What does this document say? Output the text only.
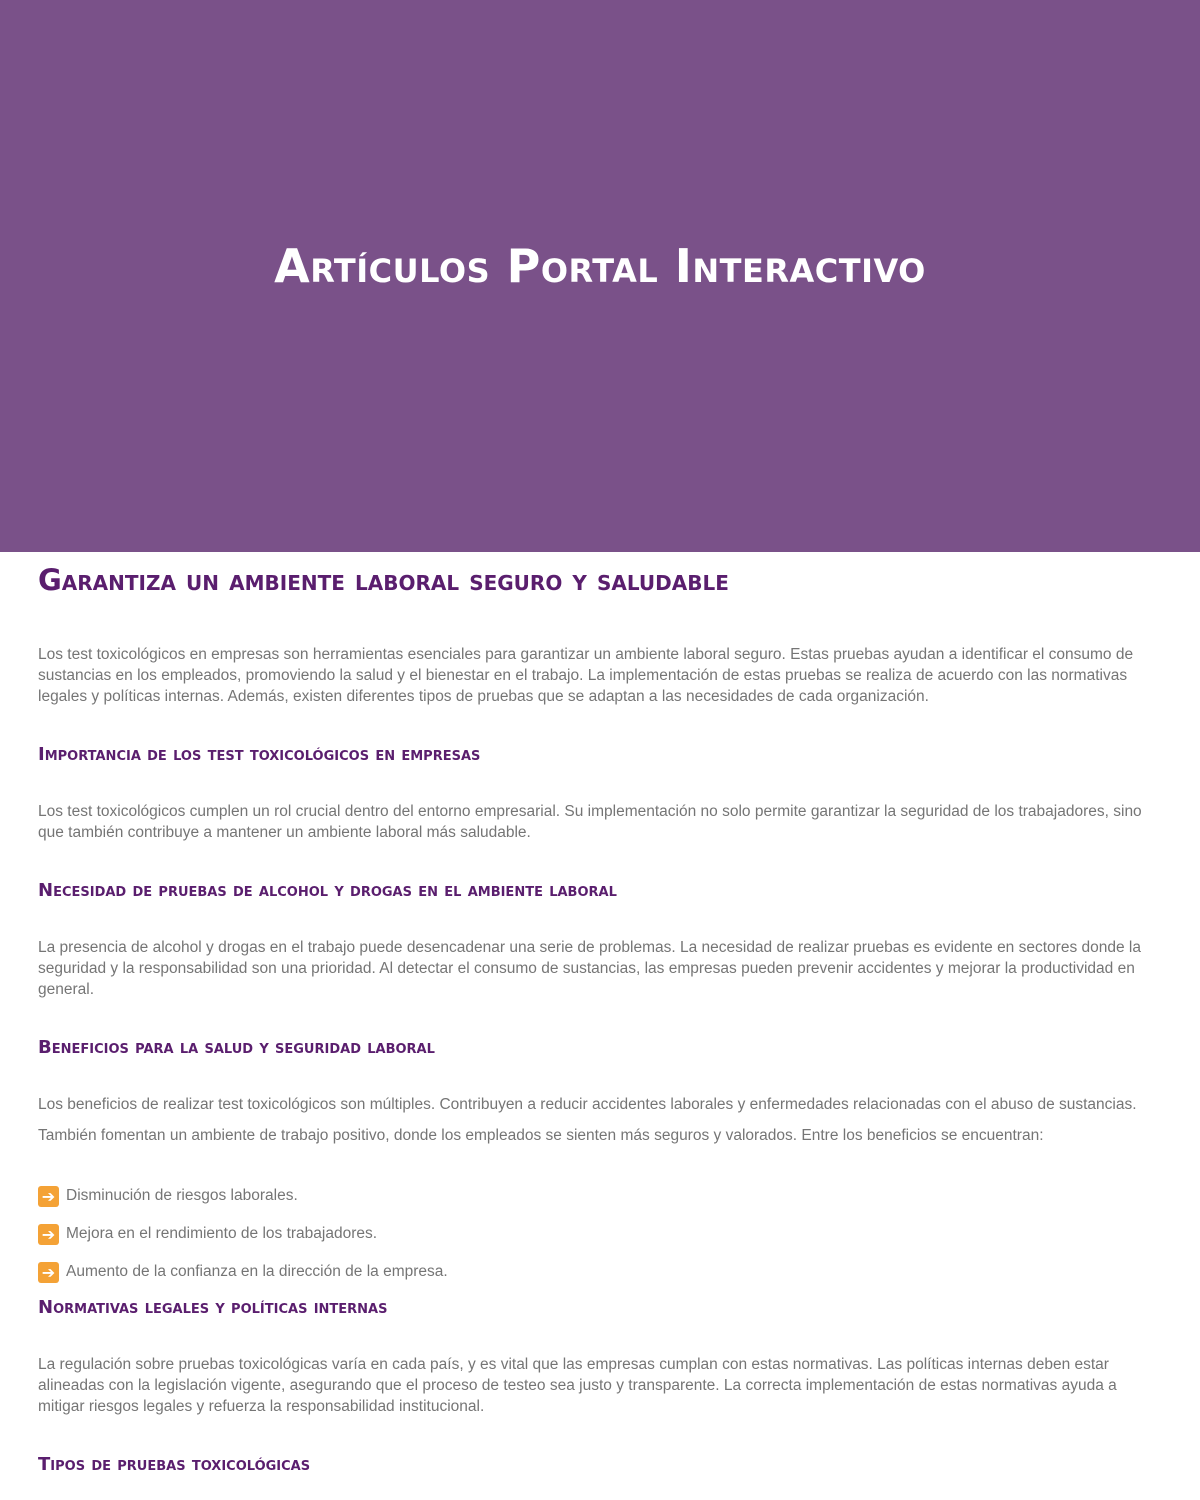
Artículos Portal Interactivo
Garantiza un ambiente laboral seguro y saludable

Los test toxicológicos en empresas son herramientas esenciales para garantizar un ambiente laboral seguro. Estas pruebas ayudan a identificar el consumo de sustancias en los empleados, promoviendo la salud y el bienestar en el trabajo. La implementación de estas pruebas se realiza de acuerdo con las normativas legales y políticas internas. Además, existen diferentes tipos de pruebas que se adaptan a las necesidades de cada organización.

Importancia de los test toxicológicos en empresas

Los test toxicológicos cumplen un rol crucial dentro del entorno empresarial. Su implementación no solo permite garantizar la seguridad de los trabajadores, sino que también contribuye a mantener un ambiente laboral más saludable.

Necesidad de pruebas de alcohol y drogas en el ambiente laboral

La presencia de alcohol y drogas en el trabajo puede desencadenar una serie de problemas. La necesidad de realizar pruebas es evidente en sectores donde la seguridad y la responsabilidad son una prioridad. Al detectar el consumo de sustancias, las empresas pueden prevenir accidentes y mejorar la productividad en general.

Beneficios para la salud y seguridad laboral

Los beneficios de realizar test toxicológicos son múltiples. Contribuyen a reducir accidentes laborales y enfermedades relacionadas con el abuso de sustancias.

También fomentan un ambiente de trabajo positivo, donde los empleados se sienten más seguros y valorados. Entre los beneficios se encuentran:

➔ Disminución de riesgos laborales.
➔ Mejora en el rendimiento de los trabajadores.
➔ Aumento de la confianza en la dirección de la empresa.
Normativas legales y políticas internas

La regulación sobre pruebas toxicológicas varía en cada país, y es vital que las empresas cumplan con estas normativas. Las políticas internas deben estar alineadas con la legislación vigente, asegurando que el proceso de testeo sea justo y transparente. La correcta implementación de estas normativas ayuda a mitigar riesgos legales y refuerza la responsabilidad institucional.

Tipos de pruebas toxicológicas
